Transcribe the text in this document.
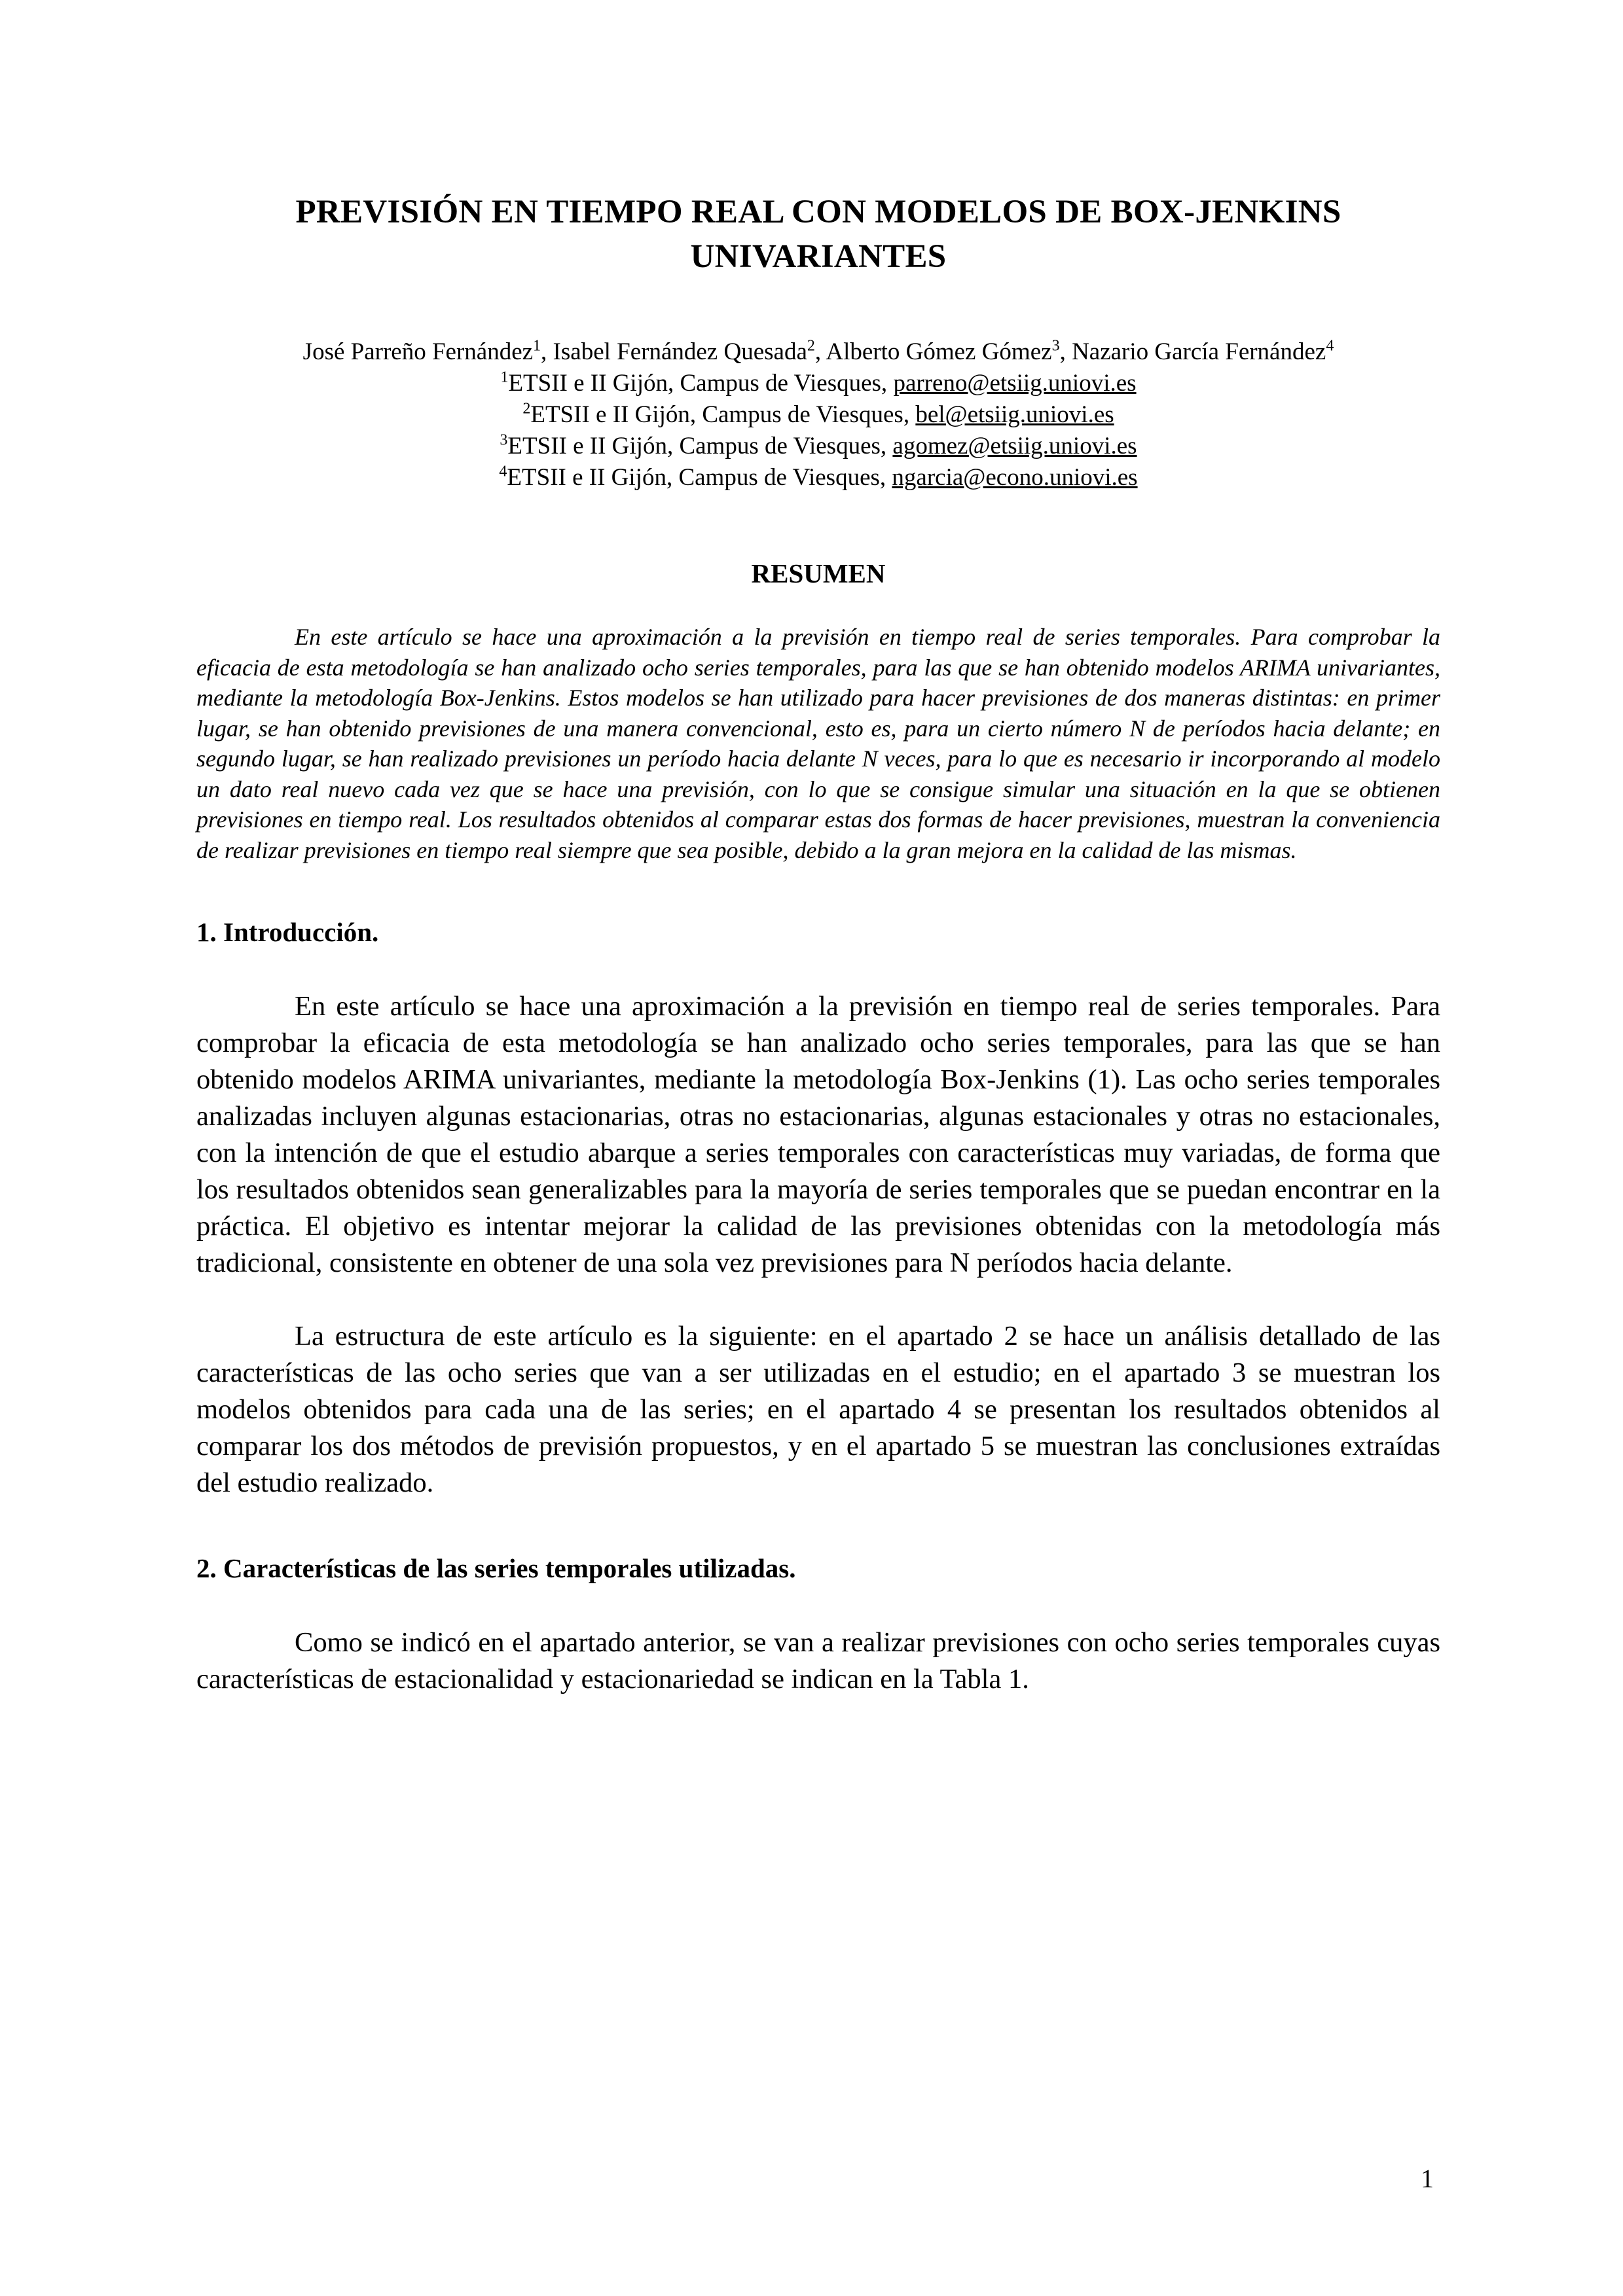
PREVISIÓN EN TIEMPO REAL CON MODELOS DE BOX-JENKINS
UNIVARIANTES
José Parreño Fernández$^1$, Isabel Fernández Quesada$^2$, Alberto Gómez Gómez$^3$, Nazario García Fernández$^4$
$^1$ETSII e II Gijón, Campus de Viesques, parreno@etsiig.uniovi.es
$^2$ETSII e II Gijón, Campus de Viesques, bel@etsiig.uniovi.es
$^3$ETSII e II Gijón, Campus de Viesques, agomez@etsiig.uniovi.es
$^4$ETSII e II Gijón, Campus de Viesques, ngarcia@econo.uniovi.es
RESUMEN

En este artículo se hace una aproximación a la previsión en tiempo real de series temporales. Para comprobar la eficacia de esta metodología se han analizado ocho series temporales, para las que se han obtenido modelos ARIMA univariantes, mediante la metodología Box-Jenkins. Estos modelos se han utilizado para hacer previsiones de dos maneras distintas: en primer lugar, se han obtenido previsiones de una manera convencional, esto es, para un cierto número N de períodos hacia delante; en segundo lugar, se han realizado previsiones un período hacia delante N veces, para lo que es necesario ir incorporando al modelo un dato real nuevo cada vez que se hace una previsión, con lo que se consigue simular una situación en la que se obtienen previsiones en tiempo real. Los resultados obtenidos al comparar estas dos formas de hacer previsiones, muestran la conveniencia de realizar previsiones en tiempo real siempre que sea posible, debido a la gran mejora en la calidad de las mismas.

1. Introducción.

En este artículo se hace una aproximación a la previsión en tiempo real de series temporales. Para comprobar la eficacia de esta metodología se han analizado ocho series temporales, para las que se han obtenido modelos ARIMA univariantes, mediante la metodología Box-Jenkins (1). Las ocho series temporales analizadas incluyen algunas estacionarias, otras no estacionarias, algunas estacionales y otras no estacionales, con la intención de que el estudio abarque a series temporales con características muy variadas, de forma que los resultados obtenidos sean generalizables para la mayoría de series temporales que se puedan encontrar en la práctica. El objetivo es intentar mejorar la calidad de las previsiones obtenidas con la metodología más tradicional, consistente en obtener de una sola vez previsiones para N períodos hacia delante.

La estructura de este artículo es la siguiente: en el apartado 2 se hace un análisis detallado de las características de las ocho series que van a ser utilizadas en el estudio; en el apartado 3 se muestran los modelos obtenidos para cada una de las series; en el apartado 4 se presentan los resultados obtenidos al comparar los dos métodos de previsión propuestos, y en el apartado 5 se muestran las conclusiones extraídas del estudio realizado.

2. Características de las series temporales utilizadas.

Como se indicó en el apartado anterior, se van a realizar previsiones con ocho series temporales cuyas características de estacionalidad y estacionariedad se indican en la Tabla 1.

1
